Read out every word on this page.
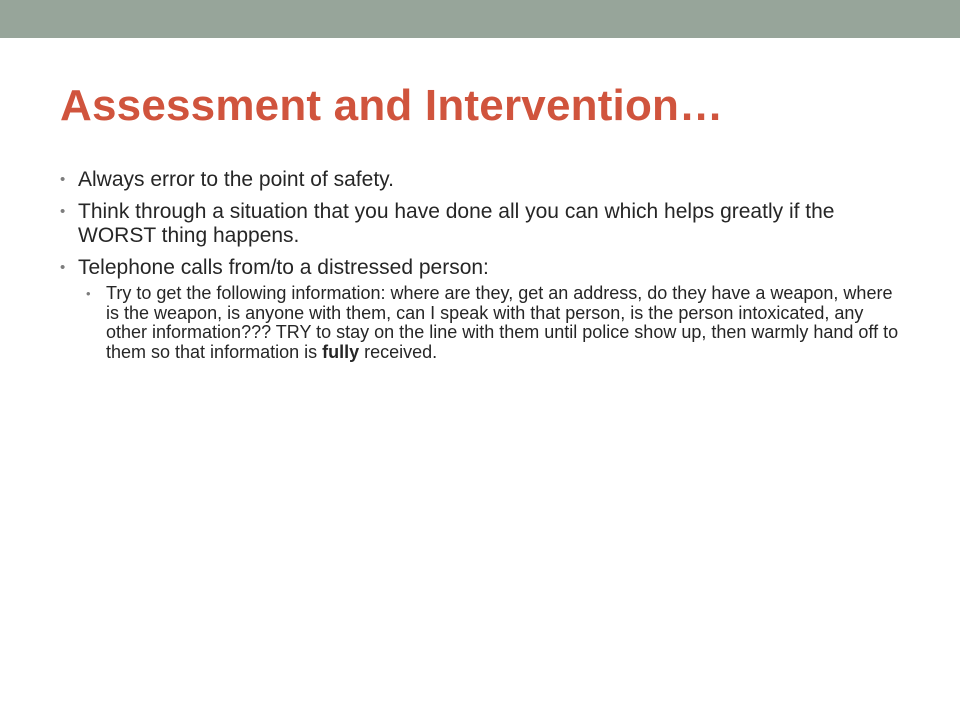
Assessment and Intervention…
• Always error to the point of safety.
• Think through a situation that you have done all you can which helps greatly if the WORST thing happens.
• Telephone calls from/to a distressed person:
• Try to get the following information: where are they, get an address, do they have a weapon, where is the weapon, is anyone with them, can I speak with that person, is the person intoxicated, any other information??? TRY to stay on the line with them until police show up, then warmly hand off to them so that information is fully received.
